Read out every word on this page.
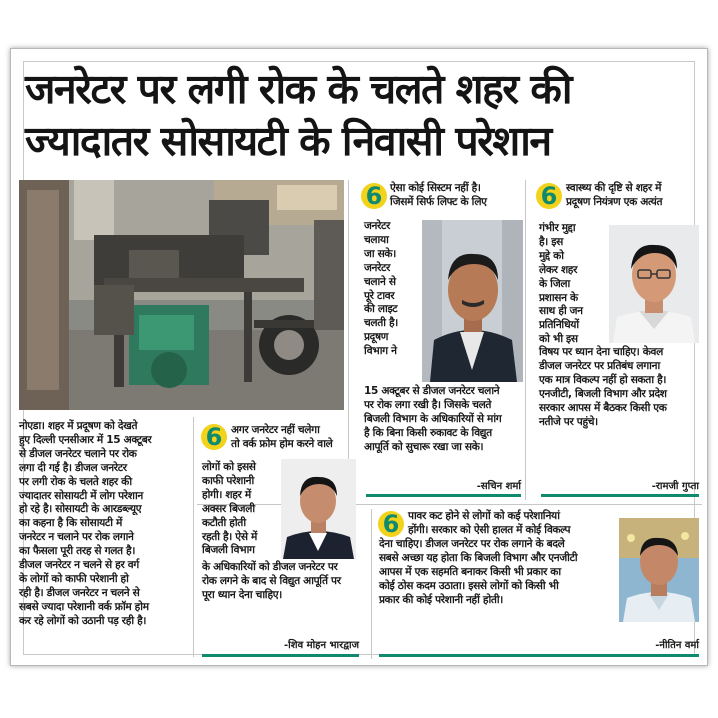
जनरेटर पर लगी रोक के चलते शहर की
ज्यादातर सोसायटी के निवासी परेशान
नोएडा। शहर में प्रदूषण को देखते
हुए दिल्ली एनसीआर में 15 अक्टूबर
से डीजल जनरेटर चलाने पर रोक
लगा दी गई है। डीजल जनरेटर
पर लगी रोक के चलते शहर की
ज्यादातर सोसायटी में लोग परेशान
हो रहे है। सोसायटी के आरडब्ल्यूए
का कहना है कि सोसायटी में
जनरेटर न चलाने पर रोक लगाने
का फैसला पूरी तरह से गलत है।
डीजल जनरेटर न चलने से हर वर्ग
के लोगों को काफी परेशानी हो
रही है। डीजल जनरेटर न चलने से
सबसे ज्यादा परेशानी वर्क फ्रॉम होम
कर रहे लोगों को उठानी पड़ रही है।
6 ऐसा कोई सिस्टम नहीं है।
जिसमें सिर्फ लिफ्ट के लिए
जनरेटर
चलाया
जा सके।
जनरेटर
चलाने से
पूरे टावर
की लाइट
चलती है।
प्रदूषण
विभाग ने
15 अक्टूबर से डीजल जनरेटर चलाने
पर रोक लगा रखी है। जिसके चलते
बिजली विभाग के अधिकारियों से मांग
है कि बिना किसी रुकावट के विद्युत
आपूर्ति को सुचारू रखा जा सके।
-सचिन शर्मा
6 स्वास्थ्य की दृष्टि से शहर में
प्रदूषण नियंत्रण एक अत्यंत
गंभीर मुद्दा
है। इस
मुद्दे को
लेकर शहर
के जिला
प्रशासन के
साथ ही जन
प्रतिनिधियों
को भी इस
विषय पर ध्यान देना चाहिए। केवल
डीजल जनरेटर पर प्रतिबंध लगाना
एक मात्र विकल्प नहीं हो सकता है।
एनजीटी, बिजली विभाग और प्रदेश
सरकार आपस में बैठकर किसी एक
नतीजे पर पहुंचे।
-रामजी गुप्ता
6 अगर जनरेटर नहीं चलेगा
तो वर्क फ्रोम होम करने वाले
लोगों को इससे
काफी परेशानी
होगी। शहर में
अक्सर बिजली
कटौती होती
रहती है। ऐसे में
बिजली विभाग
के अधिकारियों को डीजल जनरेटर पर
रोक लगने के बाद से विद्युत आपूर्ति पर
पूरा ध्यान देना चाहिए।
-शिव मोहन भारद्वाज
6 पावर कट होने से लोगों को कई परेशानियां
होंगी। सरकार को ऐसी हालत में कोई विकल्प
देना चाहिए। डीजल जनरेटर पर रोक लगाने के बदले
सबसे अच्छा यह होता कि बिजली विभाग और एनजीटी
आपस में एक सहमति बनाकर किसी भी प्रकार का
कोई ठोस कदम उठाता। इससे लोगों को किसी भी
प्रकार की कोई परेशानी नहीं होती।
-नीतिन वर्मा
